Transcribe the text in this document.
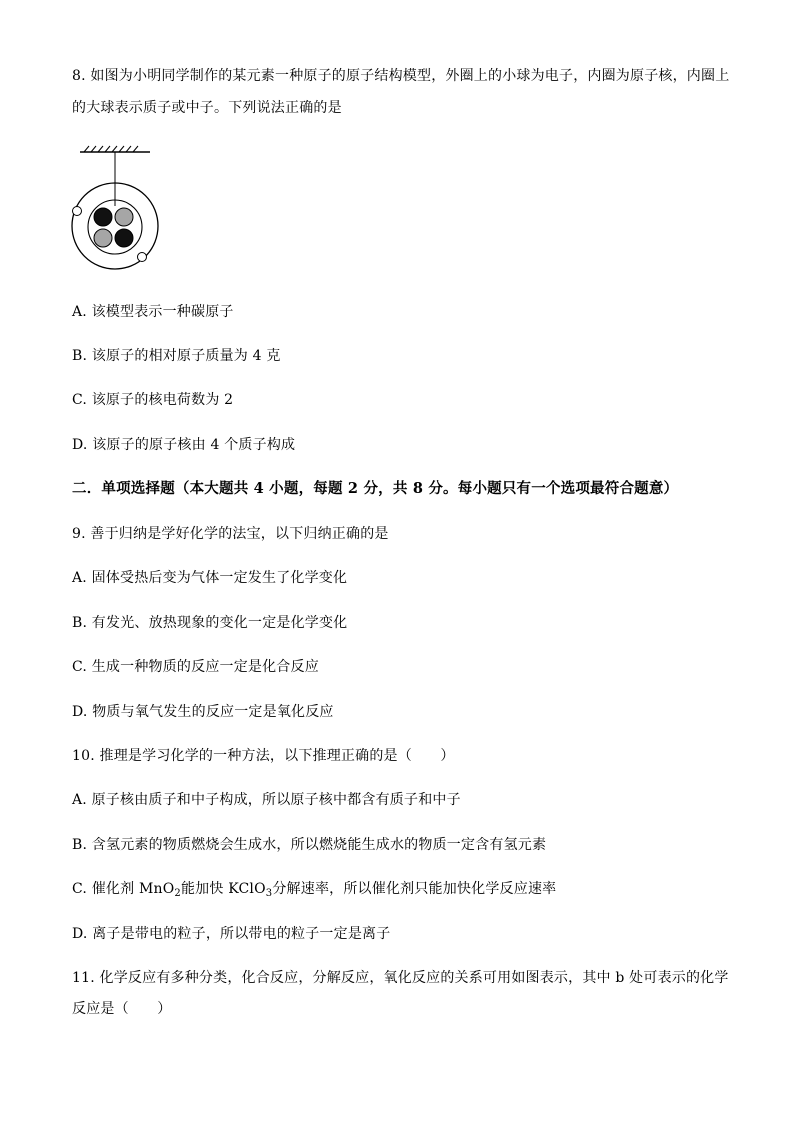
8. 如图为小明同学制作的某元素一种原子的原子结构模型，外圈上的小球为电子，内圈为原子核，内圈上
的大球表示质子或中子。下列说法正确的是
A. 该模型表示一种碳原子
B. 该原子的相对原子质量为 4 克
C. 该原子的核电荷数为 2
D. 该原子的原子核由 4 个质子构成
二．单项选择题（本大题共 4 小题，每题 2 分，共 8 分。每小题只有一个选项最符合题意）
9. 善于归纳是学好化学的法宝，以下归纳正确的是
A. 固体受热后变为气体一定发生了化学变化
B. 有发光、放热现象的变化一定是化学变化
C. 生成一种物质的反应一定是化合反应
D. 物质与氧气发生的反应一定是氧化反应
10. 推理是学习化学的一种方法，以下推理正确的是（　　）
A. 原子核由质子和中子构成，所以原子核中都含有质子和中子
B. 含氢元素的物质燃烧会生成水，所以燃烧能生成水的物质一定含有氢元素
C. 催化剂 MnO$_2$能加快 KClO$_3$分解速率，所以催化剂只能加快化学反应速率
D. 离子是带电的粒子，所以带电的粒子一定是离子
11. 化学反应有多种分类，化合反应，分解反应，氧化反应的关系可用如图表示，其中 b 处可表示的化学
反应是（　　）
